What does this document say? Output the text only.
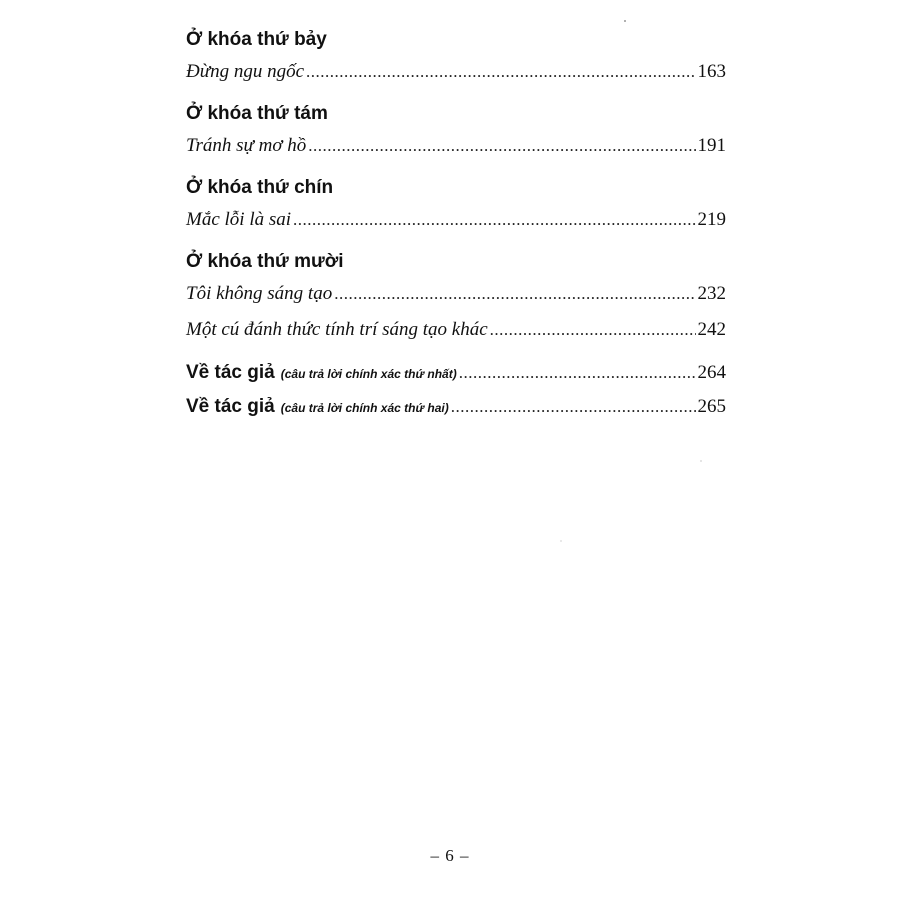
Ở khóa thứ bảy
Đừng ngu ngốc .....	163
Ở khóa thứ tám
Tránh sự mơ hồ .....	191
Ở khóa thứ chín
Mắc lỗi là sai .....	219
Ở khóa thứ mười
Tôi không sáng tạo .....	232
Một cú đánh thức tính trí sáng tạo khác .....	242
Về tác giả (câu trả lời chính xác thứ nhất) .....	264
Về tác giả (câu trả lời chính xác thứ hai) .....	265
– 6 –
